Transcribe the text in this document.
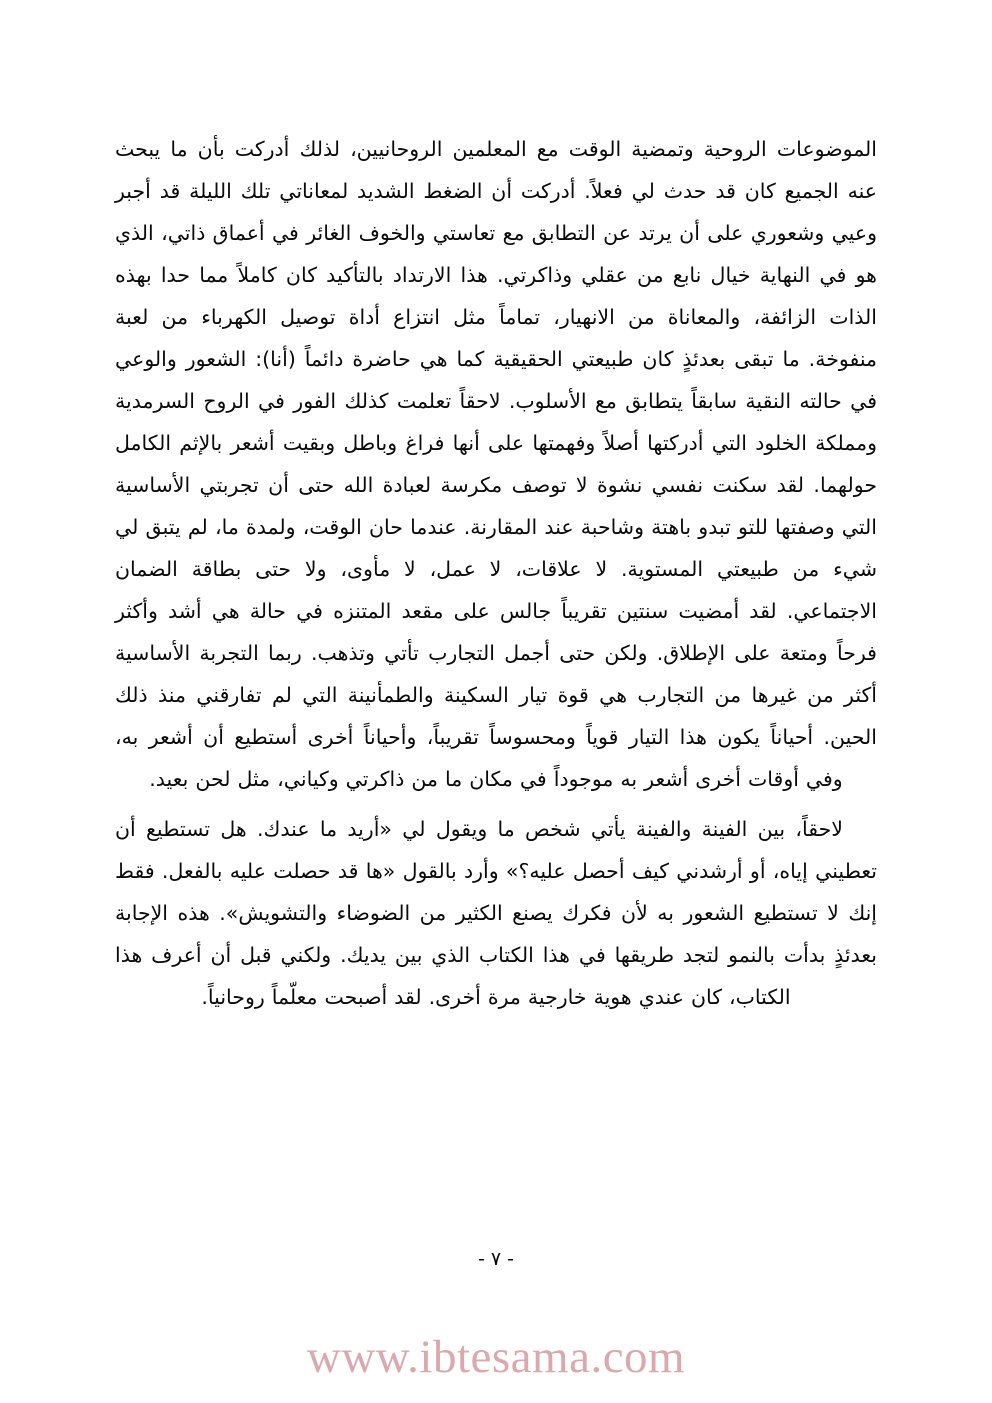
الموضوعات الروحية وتمضية الوقت مع المعلمين الروحانيين، لذلك أدركت بأن ما يبحث عنه الجميع كان قد حدث لي فعلاً. أدركت أن الضغط الشديد لمعاناتي تلك الليلة قد أجبر وعيي وشعوري على أن يرتد عن التطابق مع تعاستي والخوف الغائر في أعماق ذاتي، الذي هو في النهاية خيال نابع من عقلي وذاكرتي. هذا الارتداد بالتأكيد كان كاملاً مما حدا بهذه الذات الزائفة، والمعاناة من الانهيار، تماماً مثل انتزاع أداة توصيل الكهرباء من لعبة منفوخة. ما تبقى بعدئذٍ كان طبيعتي الحقيقية كما هي حاضرة دائماً (أنا): الشعور والوعي في حالته النقية سابقاً يتطابق مع الأسلوب. لاحقاً تعلمت كذلك الفور في الروح السرمدية ومملكة الخلود التي أدركتها أصلاً وفهمتها على أنها فراغ وباطل وبقيت أشعر بالإثم الكامل حولهما. لقد سكنت نفسي نشوة لا توصف مكرسة لعبادة الله حتى أن تجربتي الأساسية التي وصفتها للتو تبدو باهتة وشاحبة عند المقارنة. عندما حان الوقت، ولمدة ما، لم يتبق لي شيء من طبيعتي المستوية. لا علاقات، لا عمل، لا مأوى، ولا حتى بطاقة الضمان الاجتماعي. لقد أمضيت سنتين تقريباً جالس على مقعد المتنزه في حالة هي أشد وأكثر فرحاً ومتعة على الإطلاق. ولكن حتى أجمل التجارب تأتي وتذهب. ربما التجربة الأساسية أكثر من غيرها من التجارب هي قوة تيار السكينة والطمأنينة التي لم تفارقني منذ ذلك الحين. أحياناً يكون هذا التيار قوياً ومحسوساً تقريباً، وأحياناً أخرى أستطيع أن أشعر به، وفي أوقات أخرى أشعر به موجوداً في مكان ما من ذاكرتي وكياني، مثل لحن بعيد.

لاحقاً، بين الفينة والفينة يأتي شخص ما ويقول لي «أريد ما عندك. هل تستطيع أن تعطيني إياه، أو أرشدني كيف أحصل عليه؟» وأرد بالقول «ها قد حصلت عليه بالفعل. فقط إنك لا تستطيع الشعور به لأن فكرك يصنع الكثير من الضوضاء والتشويش». هذه الإجابة بعدئذٍ بدأت بالنمو لتجد طريقها في هذا الكتاب الذي بين يديك. ولكني قبل أن أعرف هذا الكتاب، كان عندي هوية خارجية مرة أخرى. لقد أصبحت معلّماً روحانياً.

- ٧ -
www.ibtesama.com
